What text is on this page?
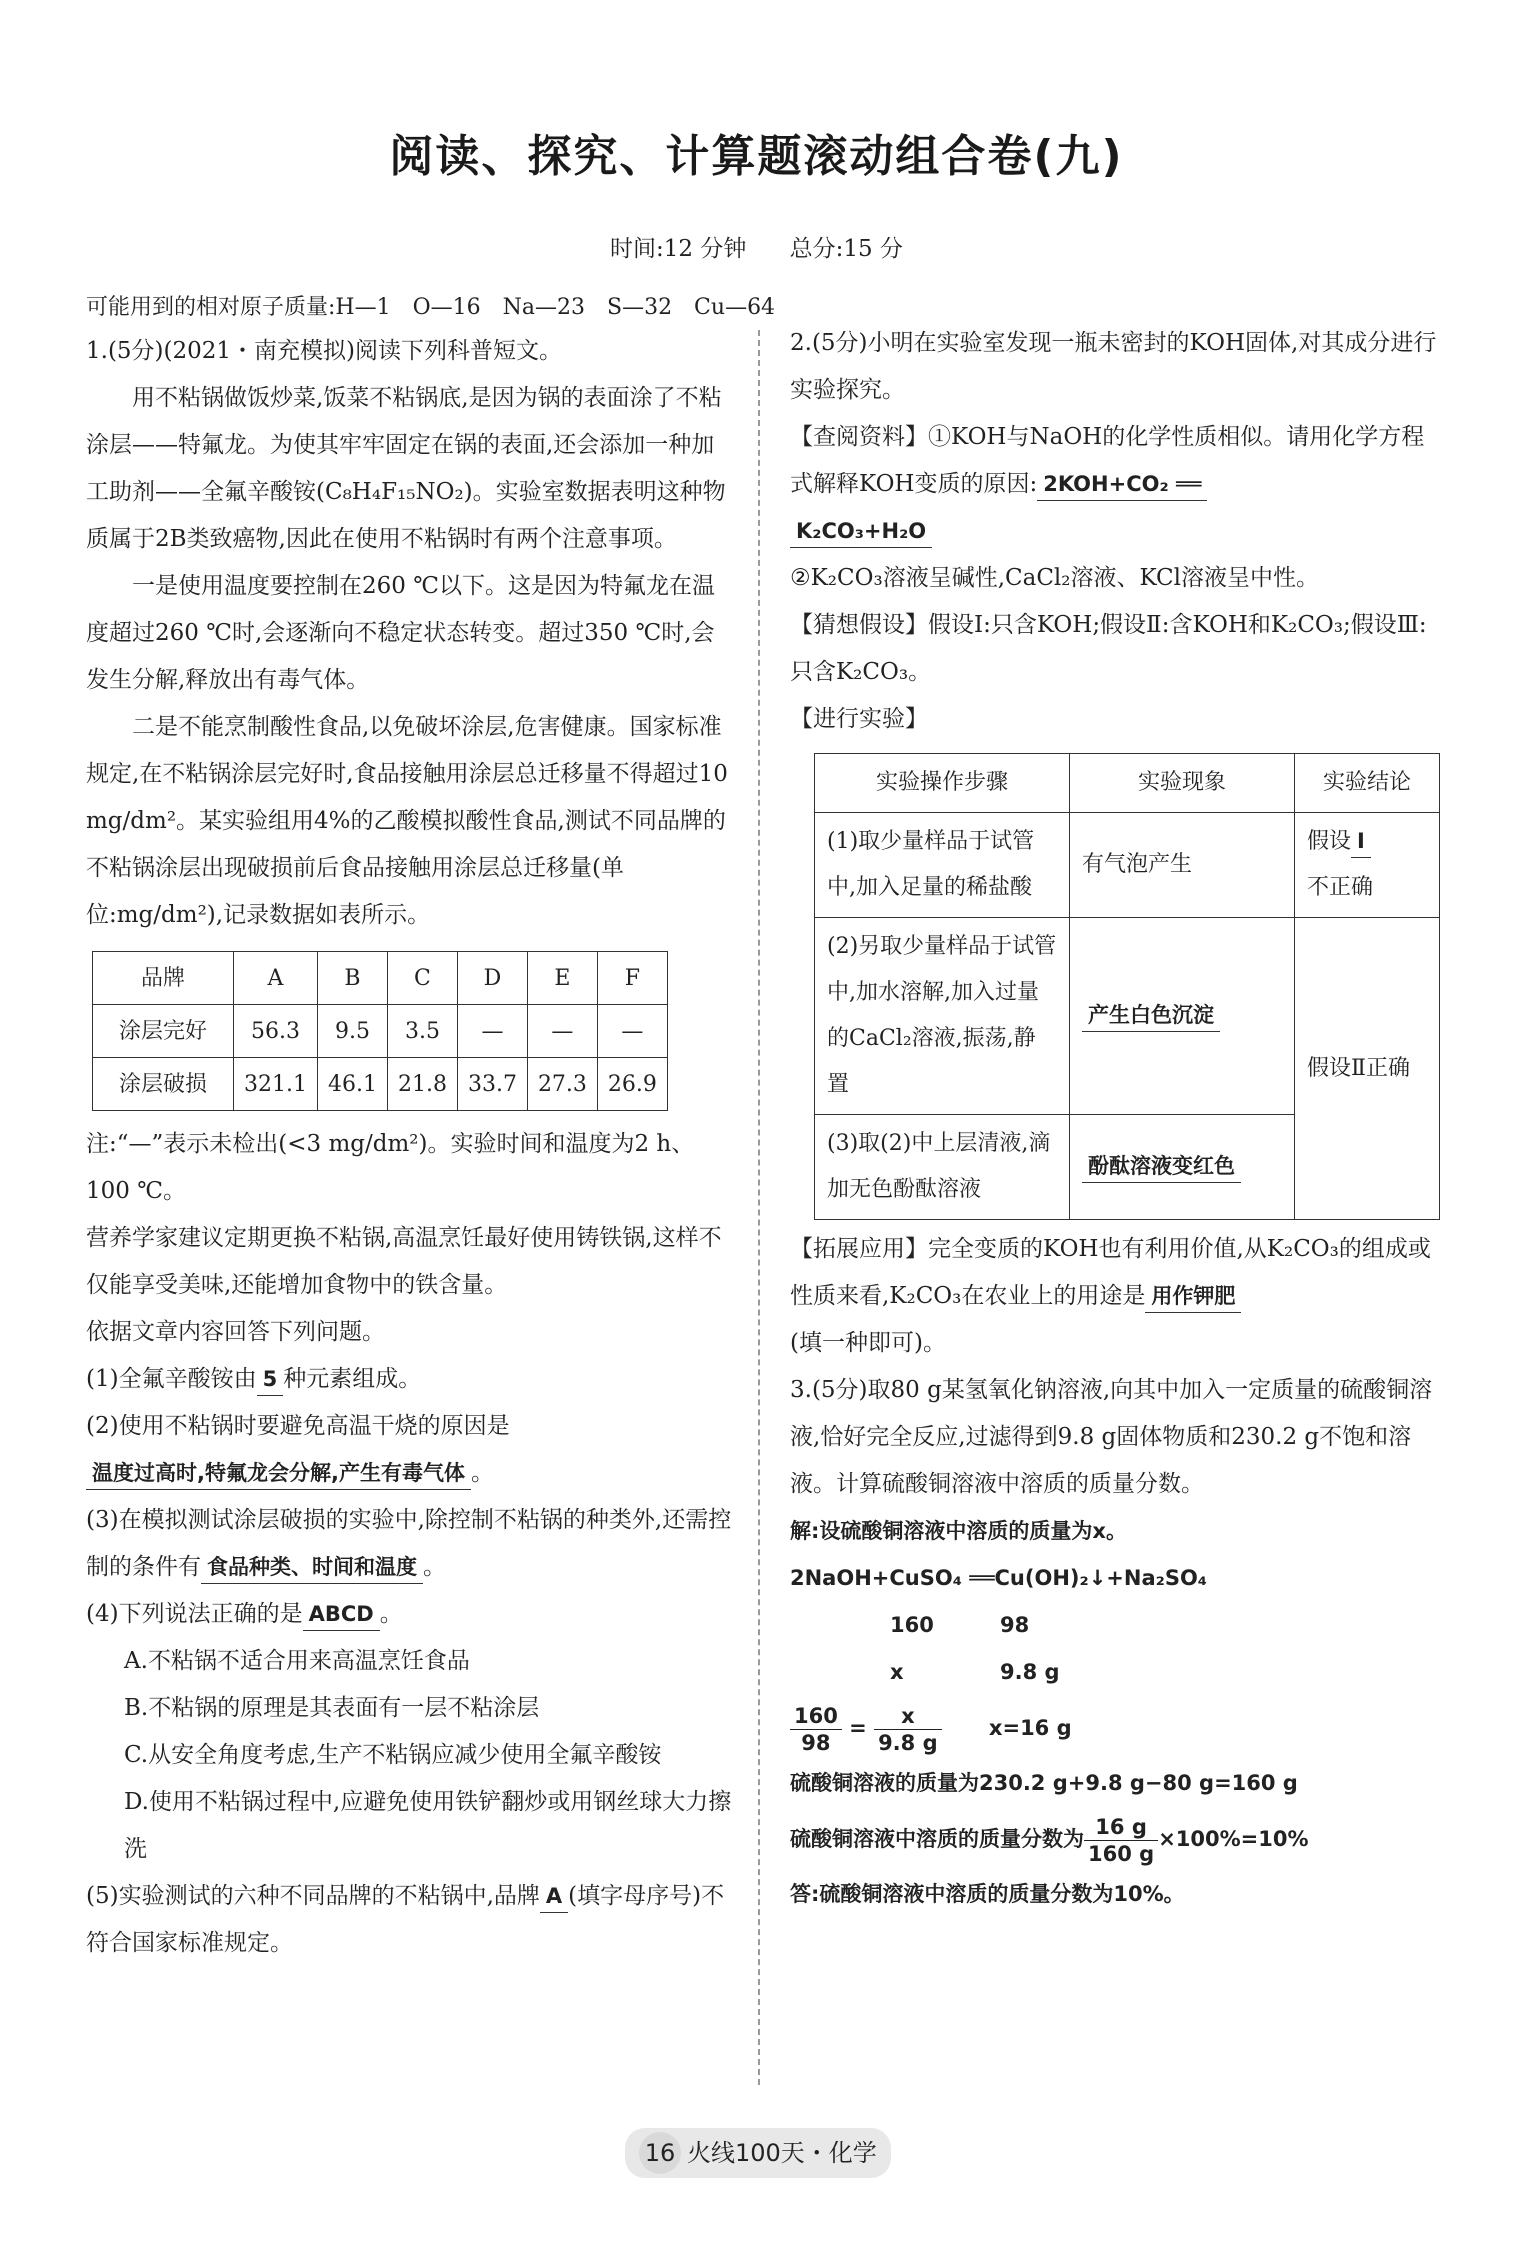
阅读、探究、计算题滚动组合卷(九)
时间:12 分钟 总分:15 分
可能用到的相对原子质量:H—1　O—16　Na—23　S—32　Cu—64

1.(5分)(2021・南充模拟)阅读下列科普短文。

用不粘锅做饭炒菜,饭菜不粘锅底,是因为锅的表面涂了不粘涂层——特氟龙。为使其牢牢固定在锅的表面,还会添加一种加工助剂——全氟辛酸铵(C₈H₄F₁₅NO₂)。实验室数据表明这种物质属于2B类致癌物,因此在使用不粘锅时有两个注意事项。

一是使用温度要控制在260 ℃以下。这是因为特氟龙在温度超过260 ℃时,会逐渐向不稳定状态转变。超过350 ℃时,会发生分解,释放出有毒气体。

二是不能烹制酸性食品,以免破坏涂层,危害健康。国家标准规定,在不粘锅涂层完好时,食品接触用涂层总迁移量不得超过10 mg/dm²。某实验组用4%的乙酸模拟酸性食品,测试不同品牌的不粘锅涂层出现破损前后食品接触用涂层总迁移量(单位:mg/dm²),记录数据如表所示。

品牌	A	B	C	D	E	F
涂层完好	56.3	9.5	3.5	—	—	—
涂层破损	321.1	46.1	21.8	33.7	27.3	26.9

注:“—”表示未检出(<3 mg/dm²)。实验时间和温度为2 h、100 ℃。

营养学家建议定期更换不粘锅,高温烹饪最好使用铸铁锅,这样不仅能享受美味,还能增加食物中的铁含量。

依据文章内容回答下列问题。

(1)全氟辛酸铵由 5 种元素组成。

(2)使用不粘锅时要避免高温干烧的原因是温度过高时,特氟龙会分解,产生有毒气体 。

(3)在模拟测试涂层破损的实验中,除控制不粘锅的种类外,还需控制的条件有 食品种类、时间和温度 。

(4)下列说法正确的是 ABCD 。

A.不粘锅不适合用来高温烹饪食品

B.不粘锅的原理是其表面有一层不粘涂层

C.从安全角度考虑,生产不粘锅应减少使用全氟辛酸铵

D.使用不粘锅过程中,应避免使用铁铲翻炒或用钢丝球大力擦洗

(5)实验测试的六种不同品牌的不粘锅中,品牌 A (填字母序号)不符合国家标准规定。

2.(5分)小明在实验室发现一瓶未密封的KOH固体,对其成分进行实验探究。

【查阅资料】①KOH与NaOH的化学性质相似。请用化学方程式解释KOH变质的原因: 2KOH+CO₂ ══
K₂CO₃+H₂O

②K₂CO₃溶液呈碱性,CaCl₂溶液、KCl溶液呈中性。

【猜想假设】假设Ⅰ:只含KOH;假设Ⅱ:含KOH和K₂CO₃;假设Ⅲ:只含K₂CO₃。

【进行实验】

实验操作步骤	实验现象	实验结论
(1)取少量样品于试管中,加入足量的稀盐酸	有气泡产生	假设 Ⅰ
不正确
(2)另取少量样品于试管中,加水溶解,加入过量的CaCl₂溶液,振荡,静置	产生白色沉淀	假设Ⅱ正确
(3)取(2)中上层清液,滴加无色酚酞溶液	酚酞溶液变红色	

【拓展应用】完全变质的KOH也有利用价值,从K₂CO₃的组成或性质来看,K₂CO₃在农业上的用途是 用作钾肥
(填一种即可)。

3.(5分)取80 g某氢氧化钠溶液,向其中加入一定质量的硫酸铜溶液,恰好完全反应,过滤得到9.8 g固体物质和230.2 g不饱和溶液。计算硫酸铜溶液中溶质的质量分数。

解:设硫酸铜溶液中溶质的质量为x。

2NaOH+CuSO₄ ══Cu(OH)₂↓+Na₂SO₄

160	98

x	9.8 g

$\frac{160}{98} = \frac{x}{9.8 g} x=16$ g

硫酸铜溶液的质量为230.2 g+9.8 g−80 g=160 g

硫酸铜溶液中溶质的质量分数为 $\frac{16 g}{160 g} \times 100\%=10\%$

答:硫酸铜溶液中溶质的质量分数为10%。

16 火线100天・化学
